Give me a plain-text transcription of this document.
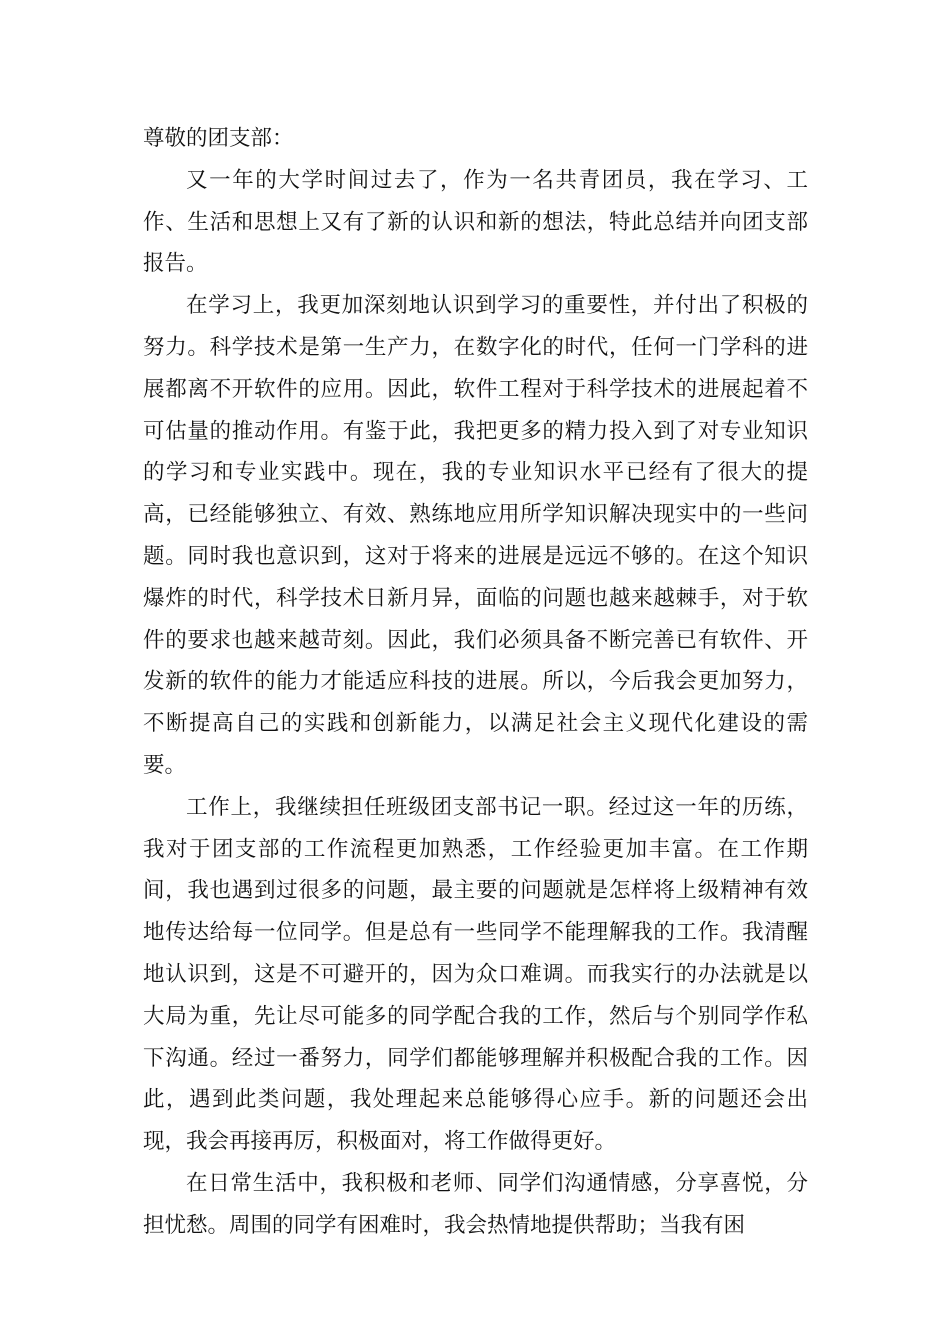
尊敬的团支部：

又一年的大学时间过去了，作为一名共青团员，我在学习、工作、生活和思想上又有了新的认识和新的想法，特此总结并向团支部报告。

在学习上，我更加深刻地认识到学习的重要性，并付出了积极的努力。科学技术是第一生产力，在数字化的时代，任何一门学科的进展都离不开软件的应用。因此，软件工程对于科学技术的进展起着不可估量的推动作用。有鉴于此，我把更多的精力投入到了对专业知识的学习和专业实践中。现在，我的专业知识水平已经有了很大的提高，已经能够独立、有效、熟练地应用所学知识解决现实中的一些问题。同时我也意识到，这对于将来的进展是远远不够的。在这个知识爆炸的时代，科学技术日新月异，面临的问题也越来越棘手，对于软件的要求也越来越苛刻。因此，我们必须具备不断完善已有软件、开发新的软件的能力才能适应科技的进展。所以，今后我会更加努力，不断提高自己的实践和创新能力，以满足社会主义现代化建设的需要。

工作上，我继续担任班级团支部书记一职。经过这一年的历练，我对于团支部的工作流程更加熟悉，工作经验更加丰富。在工作期间，我也遇到过很多的问题，最主要的问题就是怎样将上级精神有效地传达给每一位同学。但是总有一些同学不能理解我的工作。我清醒地认识到，这是不可避开的，因为众口难调。而我实行的办法就是以大局为重，先让尽可能多的同学配合我的工作，然后与个别同学作私下沟通。经过一番努力，同学们都能够理解并积极配合我的工作。因此，遇到此类问题，我处理起来总能够得心应手。新的问题还会出现，我会再接再厉，积极面对，将工作做得更好。

在日常生活中，我积极和老师、同学们沟通情感，分享喜悦，分担忧愁。周围的同学有困难时，我会热情地提供帮助；当我有困
